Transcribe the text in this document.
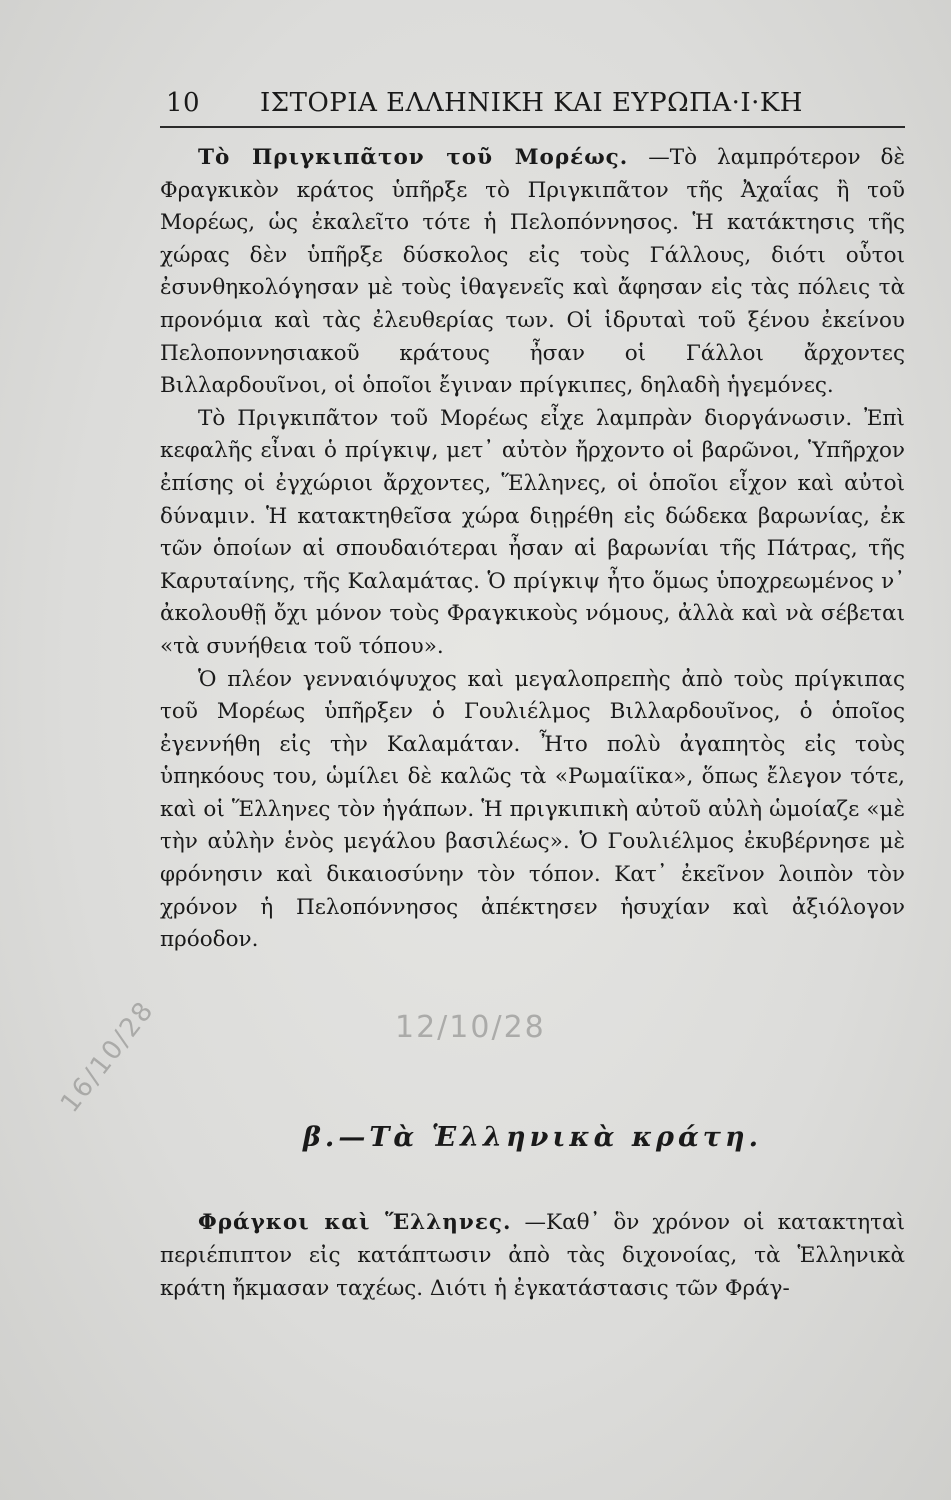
10 ΙΣΤΟΡΙΑ ΕΛΛΗΝΙΚΗ ΚΑΙ ΕΥΡΩΠΑ·Ι·ΚΗ

Τὸ Πριγκιπᾶτον τοῦ Μορέως. —Τὸ λαμπρότερον δὲ Φραγκικὸν κράτος ὑπῆρξε τὸ Πριγκιπᾶτον τῆς Ἀχαΐας ἢ τοῦ Μορέως, ὡς ἐκαλεῖτο τότε ἡ Πελοπόννησος. Ἡ κατάκτησις τῆς χώρας δὲν ὑπῆρξε δύσκολος εἰς τοὺς Γάλλους, διότι οὗτοι ἐσυνθηκολόγησαν μὲ τοὺς ἰθαγενεῖς καὶ ἄφησαν εἰς τὰς πόλεις τὰ προνόμια καὶ τὰς ἐλευθερίας των. Οἱ ἱδρυταὶ τοῦ ξένου ἐκείνου Πελοποννησιακοῦ κράτους ἦσαν οἱ Γάλλοι ἄρχοντες Βιλλαρδουῖνοι, οἱ ὁποῖοι ἔγιναν πρίγκιπες, δηλαδὴ ἡγεμόνες.

Τὸ Πριγκιπᾶτον τοῦ Μορέως εἶχε λαμπρὰν διοργάνωσιν. Ἐπὶ κεφαλῆς εἶναι ὁ πρίγκιψ, μετ᾽ αὐτὸν ἤρχοντο οἱ βαρῶνοι, Ὑπῆρχον ἐπίσης οἱ ἐγχώριοι ἄρχοντες, Ἕλληνες, οἱ ὁποῖοι εἶχον καὶ αὐτοὶ δύναμιν. Ἡ κατακτηθεῖσα χώρα διῃρέθη εἰς δώδεκα βαρωνίας, ἐκ τῶν ὁποίων αἱ σπουδαιότεραι ἦσαν αἱ βαρωνίαι τῆς Πάτρας, τῆς Καρυταίνης, τῆς Καλαμάτας. Ὁ πρίγκιψ ἦτο ὅμως ὑποχρεωμένος ν᾽ ἀκολουθῇ ὄχι μόνον τοὺς Φραγκικοὺς νόμους, ἀλλὰ καὶ νὰ σέβεται «τὰ συνήθεια τοῦ τόπου».

Ὁ πλέον γενναιόψυχος καὶ μεγαλοπρεπὴς ἀπὸ τοὺς πρίγκιπας τοῦ Μορέως ὑπῆρξεν ὁ Γουλιέλμος Βιλλαρδουῖνος, ὁ ὁποῖος ἐγεννήθη εἰς τὴν Καλαμάταν. Ἦτο πολὺ ἀγαπητὸς εἰς τοὺς ὑπηκόους του, ὡμίλει δὲ καλῶς τὰ «Ρωμαίϊκα», ὅπως ἔλεγον τότε, καὶ οἱ Ἕλληνες τὸν ἠγάπων. Ἡ πριγκιπικὴ αὐτοῦ αὐλὴ ὡμοίαζε «μὲ τὴν αὐλὴν ἑνὸς μεγάλου βασιλέως». Ὁ Γουλιέλμος ἐκυβέρνησε μὲ φρόνησιν καὶ δικαιοσύνην τὸν τόπον. Κατ᾽ ἐκεῖνον λοιπὸν τὸν χρόνον ἡ Πελοπόννησος ἀπέκτησεν ἡσυχίαν καὶ ἀξιόλογον πρόοδον.

12/10/28
16/10/28
β.—Τὰ Ἑλληνικὰ κράτη.

Φράγκοι καὶ Ἕλληνες. —Καθ᾽ ὃν χρόνον οἱ κατακτηταὶ περιέπιπτον εἰς κατάπτωσιν ἀπὸ τὰς διχονοίας, τὰ Ἑλληνικὰ κράτη ἤκμασαν ταχέως. Διότι ἡ ἐγκατάστασις τῶν Φράγ-
